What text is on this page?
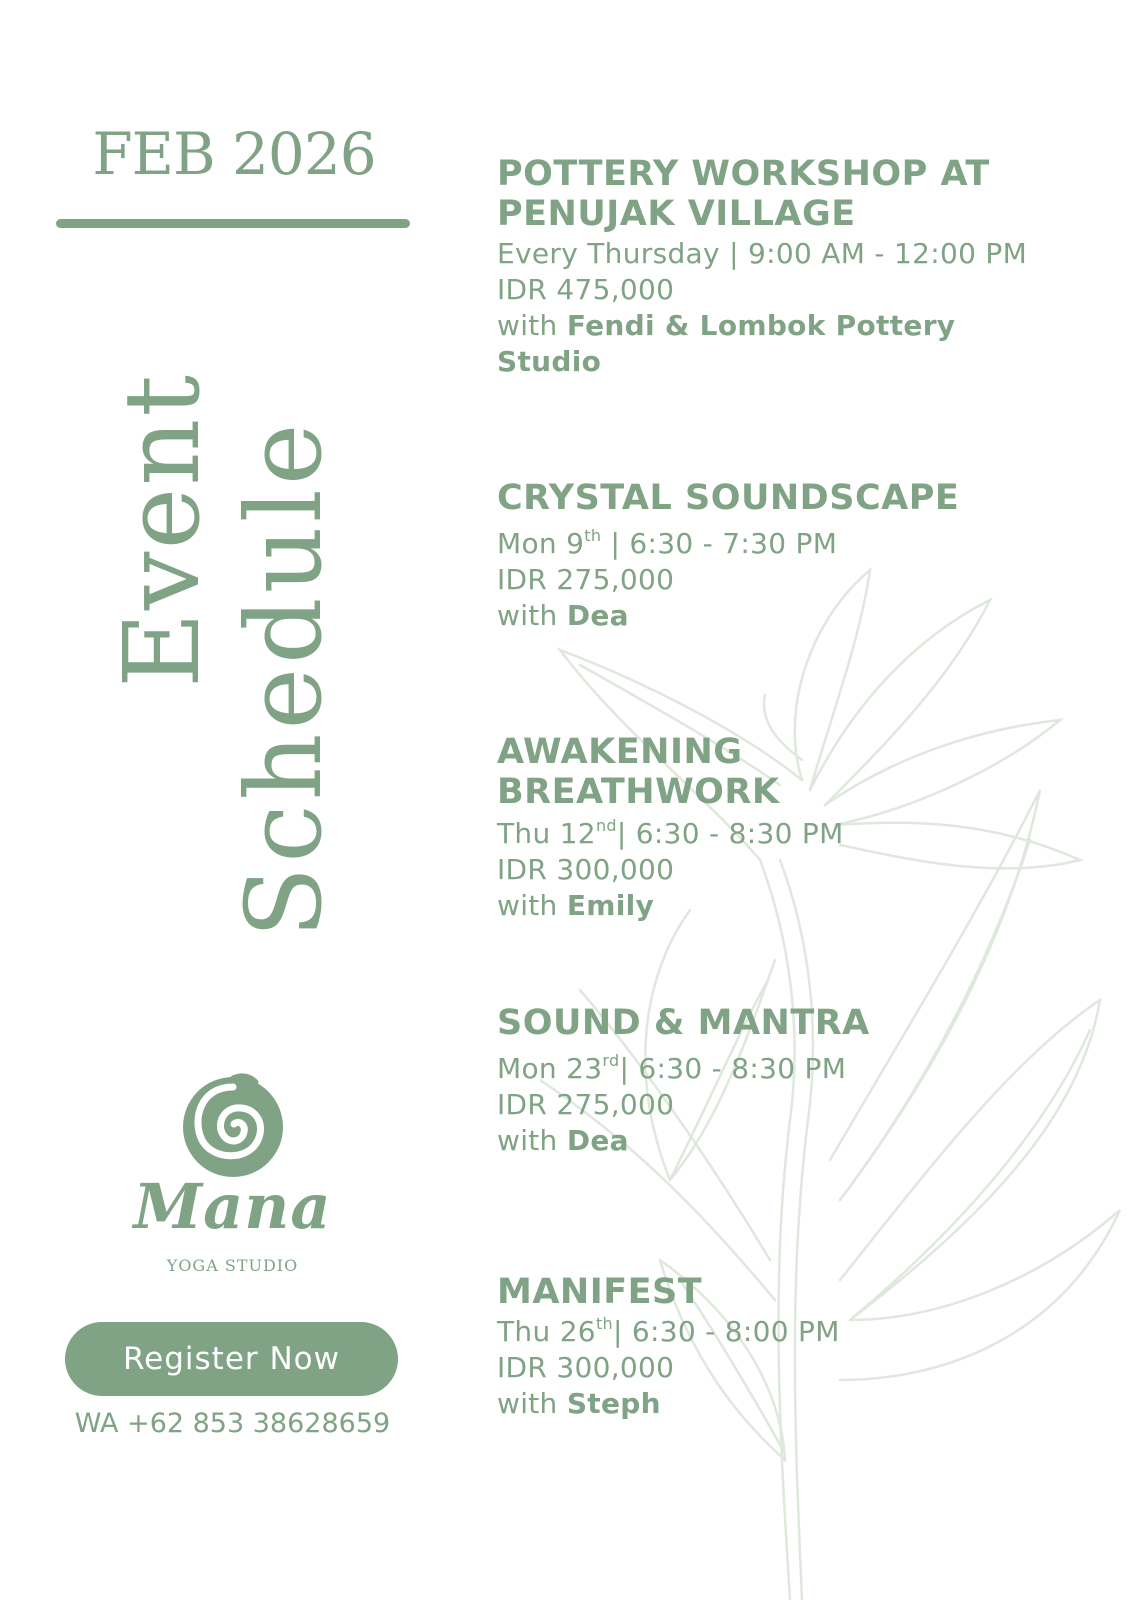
FEB 2026
Event Schedule
Mana
YOGA STUDIO
Register Now
WA +62 853 38628659
POTTERY WORKSHOP AT PENUJAK VILLAGE
Every Thursday | 9:00 AM - 12:00 PM
IDR 475,000
with Fendi & Lombok Pottery Studio
CRYSTAL SOUNDSCAPE
Mon 9th | 6:30 - 7:30 PM
IDR 275,000
with Dea
AWAKENING BREATHWORK
Thu 12nd| 6:30 - 8:30 PM
IDR 300,000
with Emily
SOUND & MANTRA
Mon 23rd| 6:30 - 8:30 PM
IDR 275,000
with Dea
MANIFEST
Thu 26th| 6:30 - 8:00 PM
IDR 300,000
with Steph
